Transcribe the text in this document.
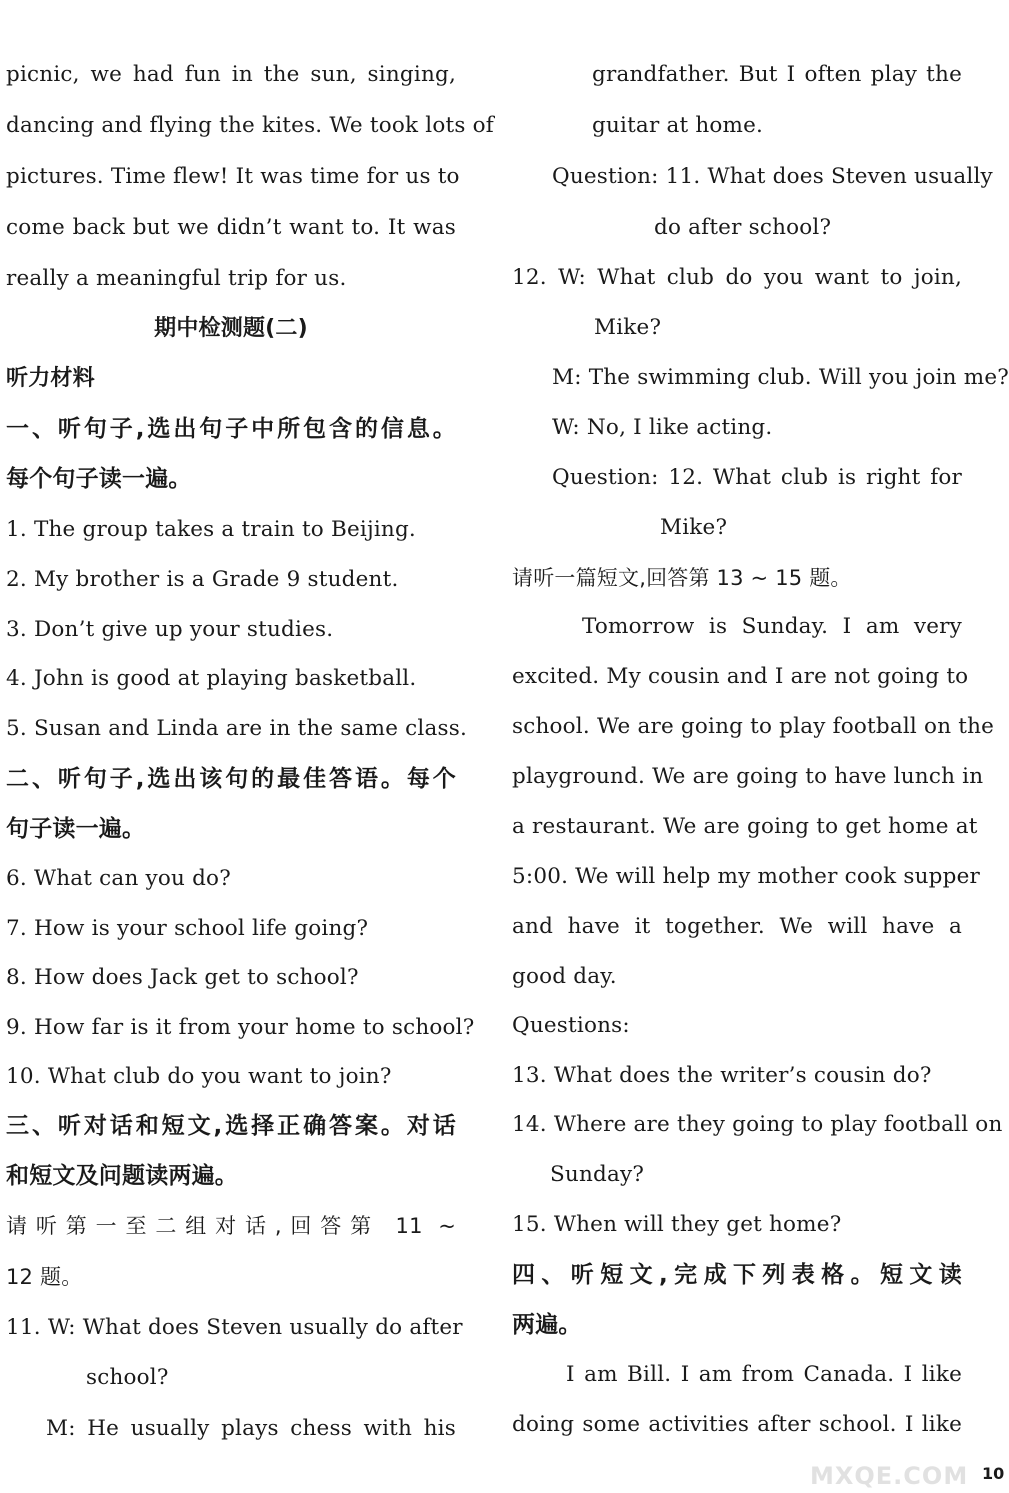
picnic, we had fun in the sun, singing,
dancing and flying the kites. We took lots of
pictures. Time flew! It was time for us to
come back but we didn’t want to. It was
really a meaningful trip for us.
期中检测题(二)
听力材料
一、听句子,选出句子中所包含的信息。
每个句子读一遍。
1. The group takes a train to Beijing.
2. My brother is a Grade 9 student.
3. Don’t give up your studies.
4. John is good at playing basketball.
5. Susan and Linda are in the same class.
二、听句子,选出该句的最佳答语。每个
句子读一遍。
6. What can you do?
7. How is your school life going?
8. How does Jack get to school?
9. How far is it from your home to school?
10. What club do you want to join?
三、听对话和短文,选择正确答案。对话
和短文及问题读两遍。
请听第一至二组对话,回答第 11 ~
12 题。
11. W: What does Steven usually do after
school?
M: He usually plays chess with his
grandfather. But I often play the
guitar at home.
Question: 11. What does Steven usually
do after school?
12. W: What club do you want to join,
Mike?
M: The swimming club. Will you join me?
W: No, I like acting.
Question: 12. What club is right for
Mike?
请听一篇短文,回答第 13 ~ 15 题。
Tomorrow is Sunday. I am very
excited. My cousin and I are not going to
school. We are going to play football on the
playground. We are going to have lunch in
a restaurant. We are going to get home at
5:00. We will help my mother cook supper
and have it together. We will have a
good day.
Questions:
13. What does the writer’s cousin do?
14. Where are they going to play football on
Sunday?
15. When will they get home?
四、听短文,完成下列表格。短文读
两遍。
I am Bill. I am from Canada. I like
doing some activities after school. I like
10
MXQE.COM
